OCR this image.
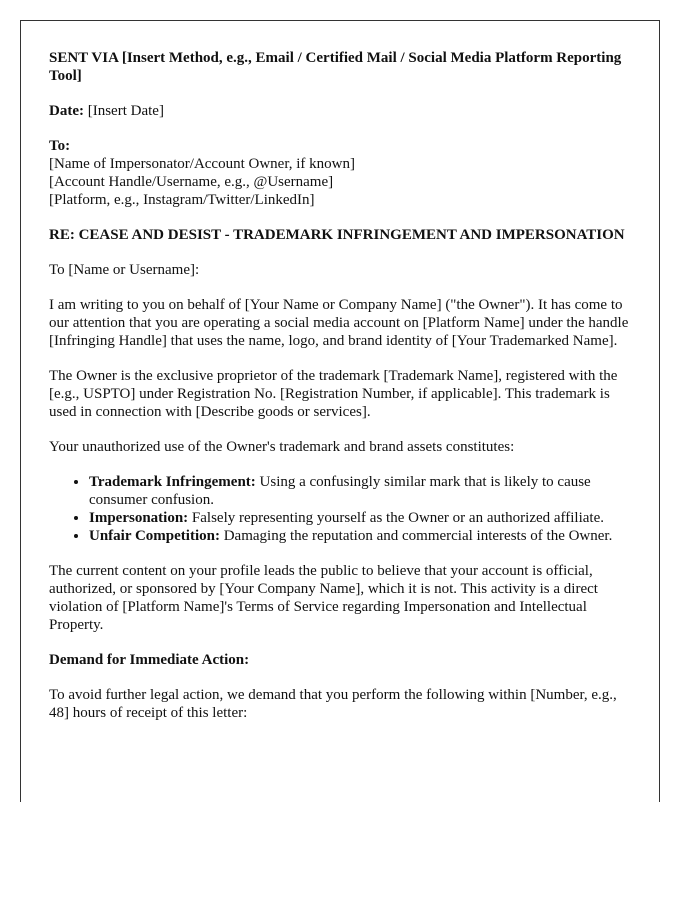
SENT VIA [Insert Method, e.g., Email / Certified Mail / Social Media Platform Reporting Tool]

Date: [Insert Date]

To:
[Name of Impersonator/Account Owner, if known]
[Account Handle/Username, e.g., @Username]
[Platform, e.g., Instagram/Twitter/LinkedIn]

RE: CEASE AND DESIST - TRADEMARK INFRINGEMENT AND IMPERSONATION

To [Name or Username]:

I am writing to you on behalf of [Your Name or Company Name] ("the Owner"). It has come to our attention that you are operating a social media account on [Platform Name] under the handle [Infringing Handle] that uses the name, logo, and brand identity of [Your Trademarked Name].

The Owner is the exclusive proprietor of the trademark [Trademark Name], registered with the [e.g., USPTO] under Registration No. [Registration Number, if applicable]. This trademark is used in connection with [Describe goods or services].

Your unauthorized use of the Owner's trademark and brand assets constitutes:

• Trademark Infringement: Using a confusingly similar mark that is likely to cause consumer confusion.
• Impersonation: Falsely representing yourself as the Owner or an authorized affiliate.
• Unfair Competition: Damaging the reputation and commercial interests of the Owner.

The current content on your profile leads the public to believe that your account is official, authorized, or sponsored by [Your Company Name], which it is not. This activity is a direct violation of [Platform Name]'s Terms of Service regarding Impersonation and Intellectual Property.

Demand for Immediate Action:

To avoid further legal action, we demand that you perform the following within [Number, e.g., 48] hours of receipt of this letter:
